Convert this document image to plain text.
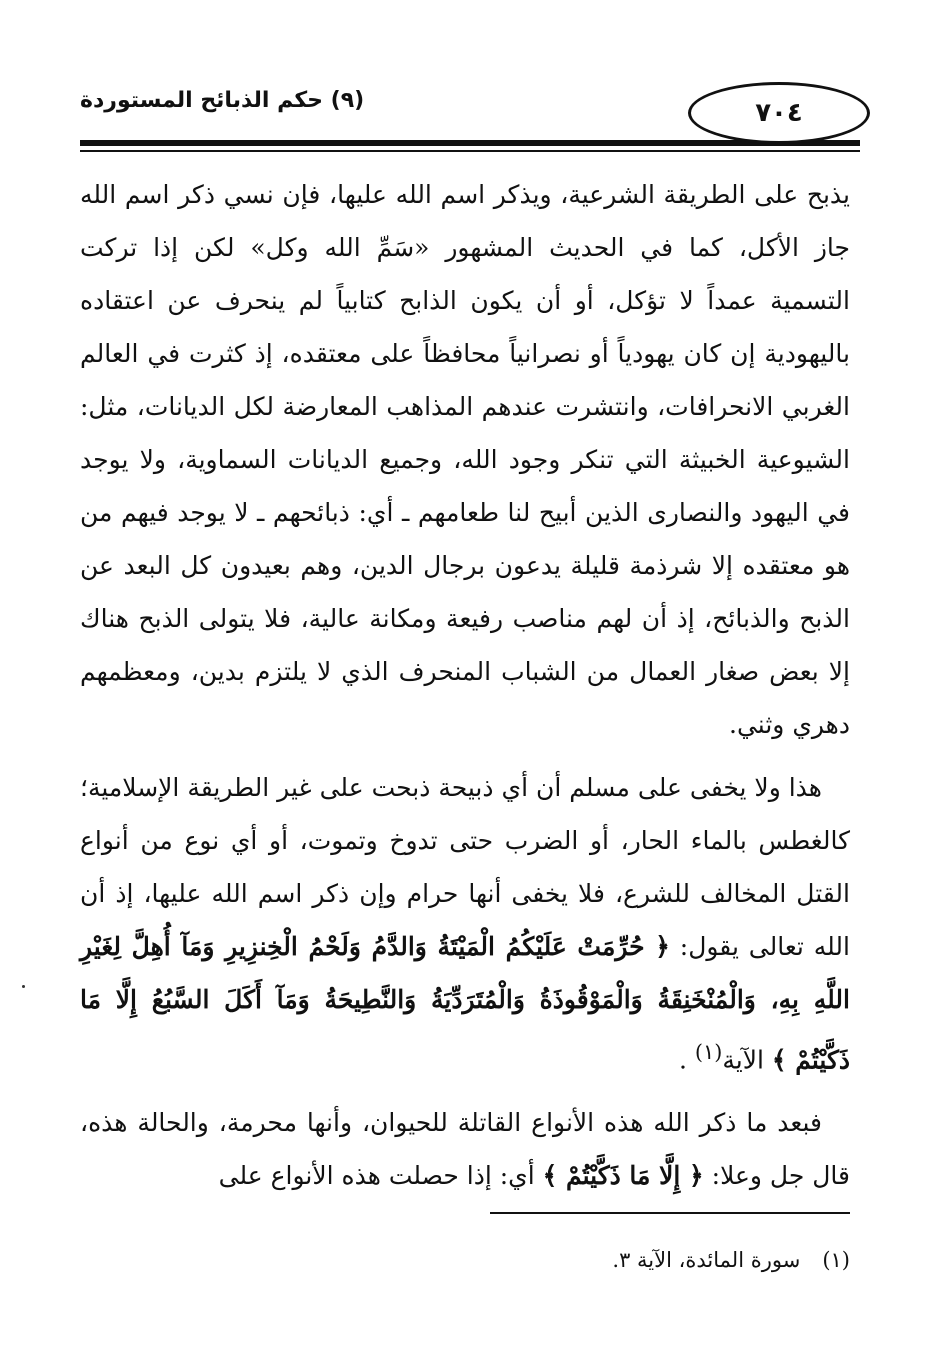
٧٠٤
(٩) حكم الذبائح المستوردة

يذبح على الطريقة الشرعية، ويذكر اسم الله عليها، فإن نسي ذكر اسم الله جاز الأكل، كما في الحديث المشهور «سَمِّ الله وكل» لكن إذا تركت التسمية عمداً لا تؤكل، أو أن يكون الذابح كتابياً لم ينحرف عن اعتقاده باليهودية إن كان يهودياً أو نصرانياً محافظاً على معتقده، إذ كثرت في العالم الغربي الانحرافات، وانتشرت عندهم المذاهب المعارضة لكل الديانات، مثل: الشيوعية الخبيثة التي تنكر وجود الله، وجميع الديانات السماوية، ولا يوجد في اليهود والنصارى الذين أبيح لنا طعامهم ـ أي: ذبائحهم ـ لا يوجد فيهم من هو معتقده إلا شرذمة قليلة يدعون برجال الدين، وهم بعيدون كل البعد عن الذبح والذبائح، إذ أن لهم مناصب رفيعة ومكانة عالية، فلا يتولى الذبح هناك إلا بعض صغار العمال من الشباب المنحرف الذي لا يلتزم بدين، ومعظمهم دهري وثني.

هذا ولا يخفى على مسلم أن أي ذبيحة ذبحت على غير الطريقة الإسلامية؛ كالغطس بالماء الحار، أو الضرب حتى تدوخ وتموت، أو أي نوع من أنواع القتل المخالف للشرع، فلا يخفى أنها حرام وإن ذكر اسم الله عليها، إذ أن الله تعالى يقول: ﴿ حُرِّمَتْ عَلَيْكُمُ الْمَيْتَةُ وَالدَّمُ وَلَحْمُ الْخِنزِيرِ وَمَآ أُهِلَّ لِغَيْرِ اللَّهِ بِهِ، وَالْمُنْخَنِقَةُ وَالْمَوْقُوذَةُ وَالْمُتَرَدِّيَةُ وَالنَّطِيحَةُ وَمَآ أَكَلَ السَّبُعُ إِلَّا مَا ذَكَّيْتُمْ ﴾ الآية$^{(١)}$ .

فبعد ما ذكر الله هذه الأنواع القاتلة للحيوان، وأنها محرمة، والحالة هذه، قال جل وعلا: ﴿ إِلَّا مَا ذَكَّيْتُمْ ﴾ أي: إذا حصلت هذه الأنواع على

(١)سورة المائدة، الآية ٣.
